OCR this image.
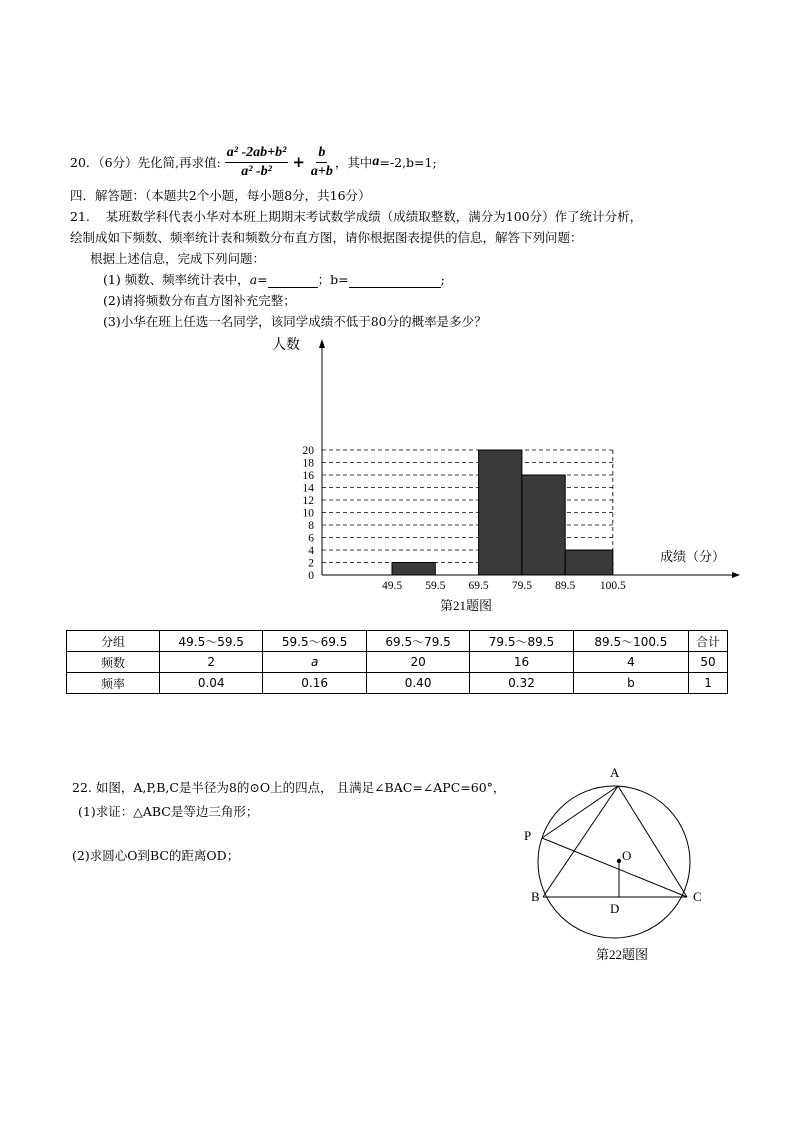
20．（6分）先化简,再求值: $\frac{\text{a² -2ab+b²}}{\text{a² -b²}} + \frac{b}{a+b}$ ，其中 a =-2,b=1;
四．解答题：（本题共2个小题，每小题8分，共16分）
21.    某班数学科代表小华对本班上期期末考试数学成绩（成绩取整数，满分为100分）作了统计分析，
绘制成如下频数、频率统计表和频数分布直方图，请你根据图表提供的信息，解答下列问题：
根据上述信息，完成下列问题：
(1) 频数、频率统计表中，a=	；b=	;
(2)请将频数分布直方图补充完整；
(3)小华在班上任选一名同学，该同学成绩不低于80分的概率是多少？
0
2
4
6
8
10
12
14
16
18
20
49.5 59.5 69.5 79.5 89.5 100.5
人数
成绩（分）
第21题图
分组	49.5～59.5	59.5～69.5	69.5～79.5	79.5～89.5	89.5～100.5	合计
频数	2	a	20	16	4	50
频率	0.04	0.16	0.40	0.32	b	1
22. 如图，A,P,B,C是半径为8的⊙O上的四点， 且满足∠BAC=∠APC=60°，
(1)求证：△ABC是等边三角形；
(2)求圆心O到BC的距离OD；
A
P
O
B	C
D
第22题图
